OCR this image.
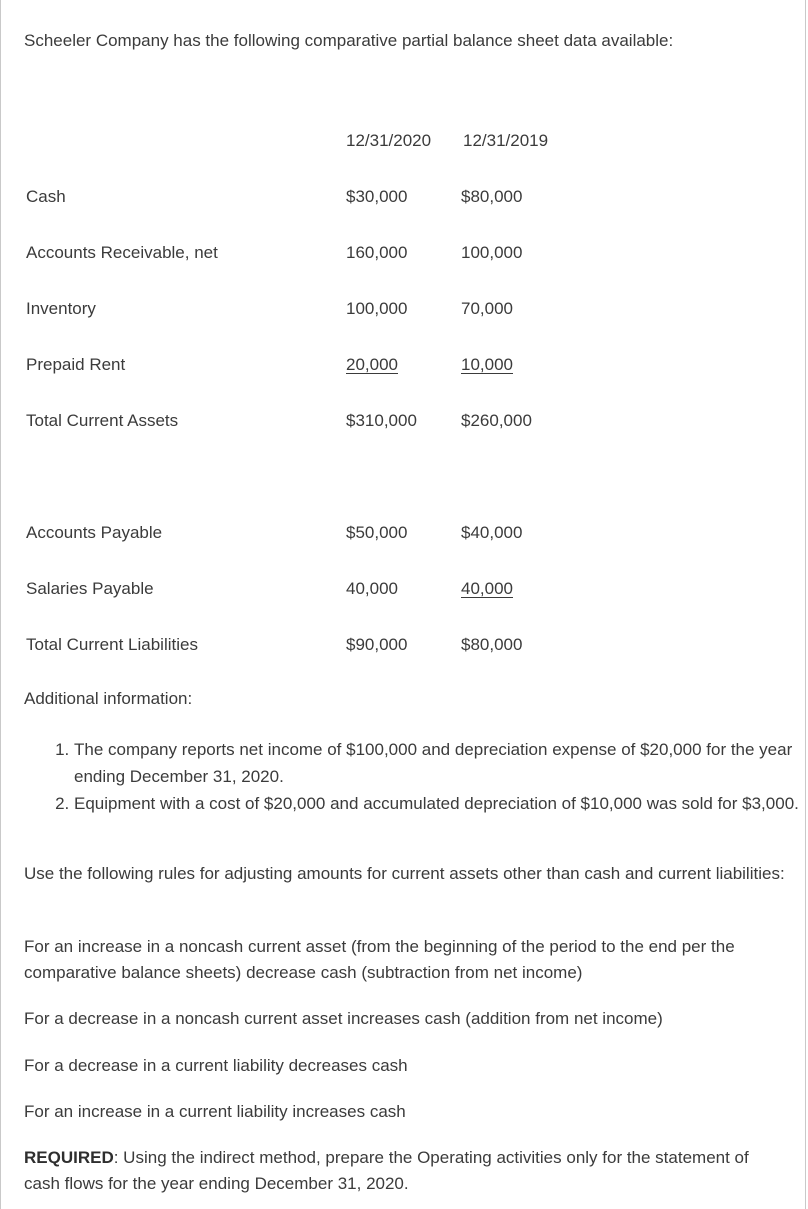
Scheeler Company has the following comparative partial balance sheet data available:
12/31/2020 12/31/2019
Cash	$30,000	$80,000
Accounts Receivable, net	160,000	100,000
Inventory	100,000	70,000
Prepaid Rent	20,000	10,000
Total Current Assets	$310,000	$260,000
Accounts Payable	$50,000	$40,000
Salaries Payable	40,000	40,000
Total Current Liabilities	$90,000	$80,000
Additional information:
1. The company reports net income of $100,000 and depreciation expense of $20,000 for the year ending December 31, 2020.
2. Equipment with a cost of $20,000 and accumulated depreciation of $10,000 was sold for $3,000.
Use the following rules for adjusting amounts for current assets other than cash and current liabilities:
For an increase in a noncash current asset (from the beginning of the period to the end per the comparative balance sheets) decrease cash (subtraction from net income)
For a decrease in a noncash current asset increases cash (addition from net income)
For a decrease in a current liability decreases cash
For an increase in a current liability increases cash
REQUIRED: Using the indirect method, prepare the Operating activities only for the statement of cash flows for the year ending December 31, 2020.
